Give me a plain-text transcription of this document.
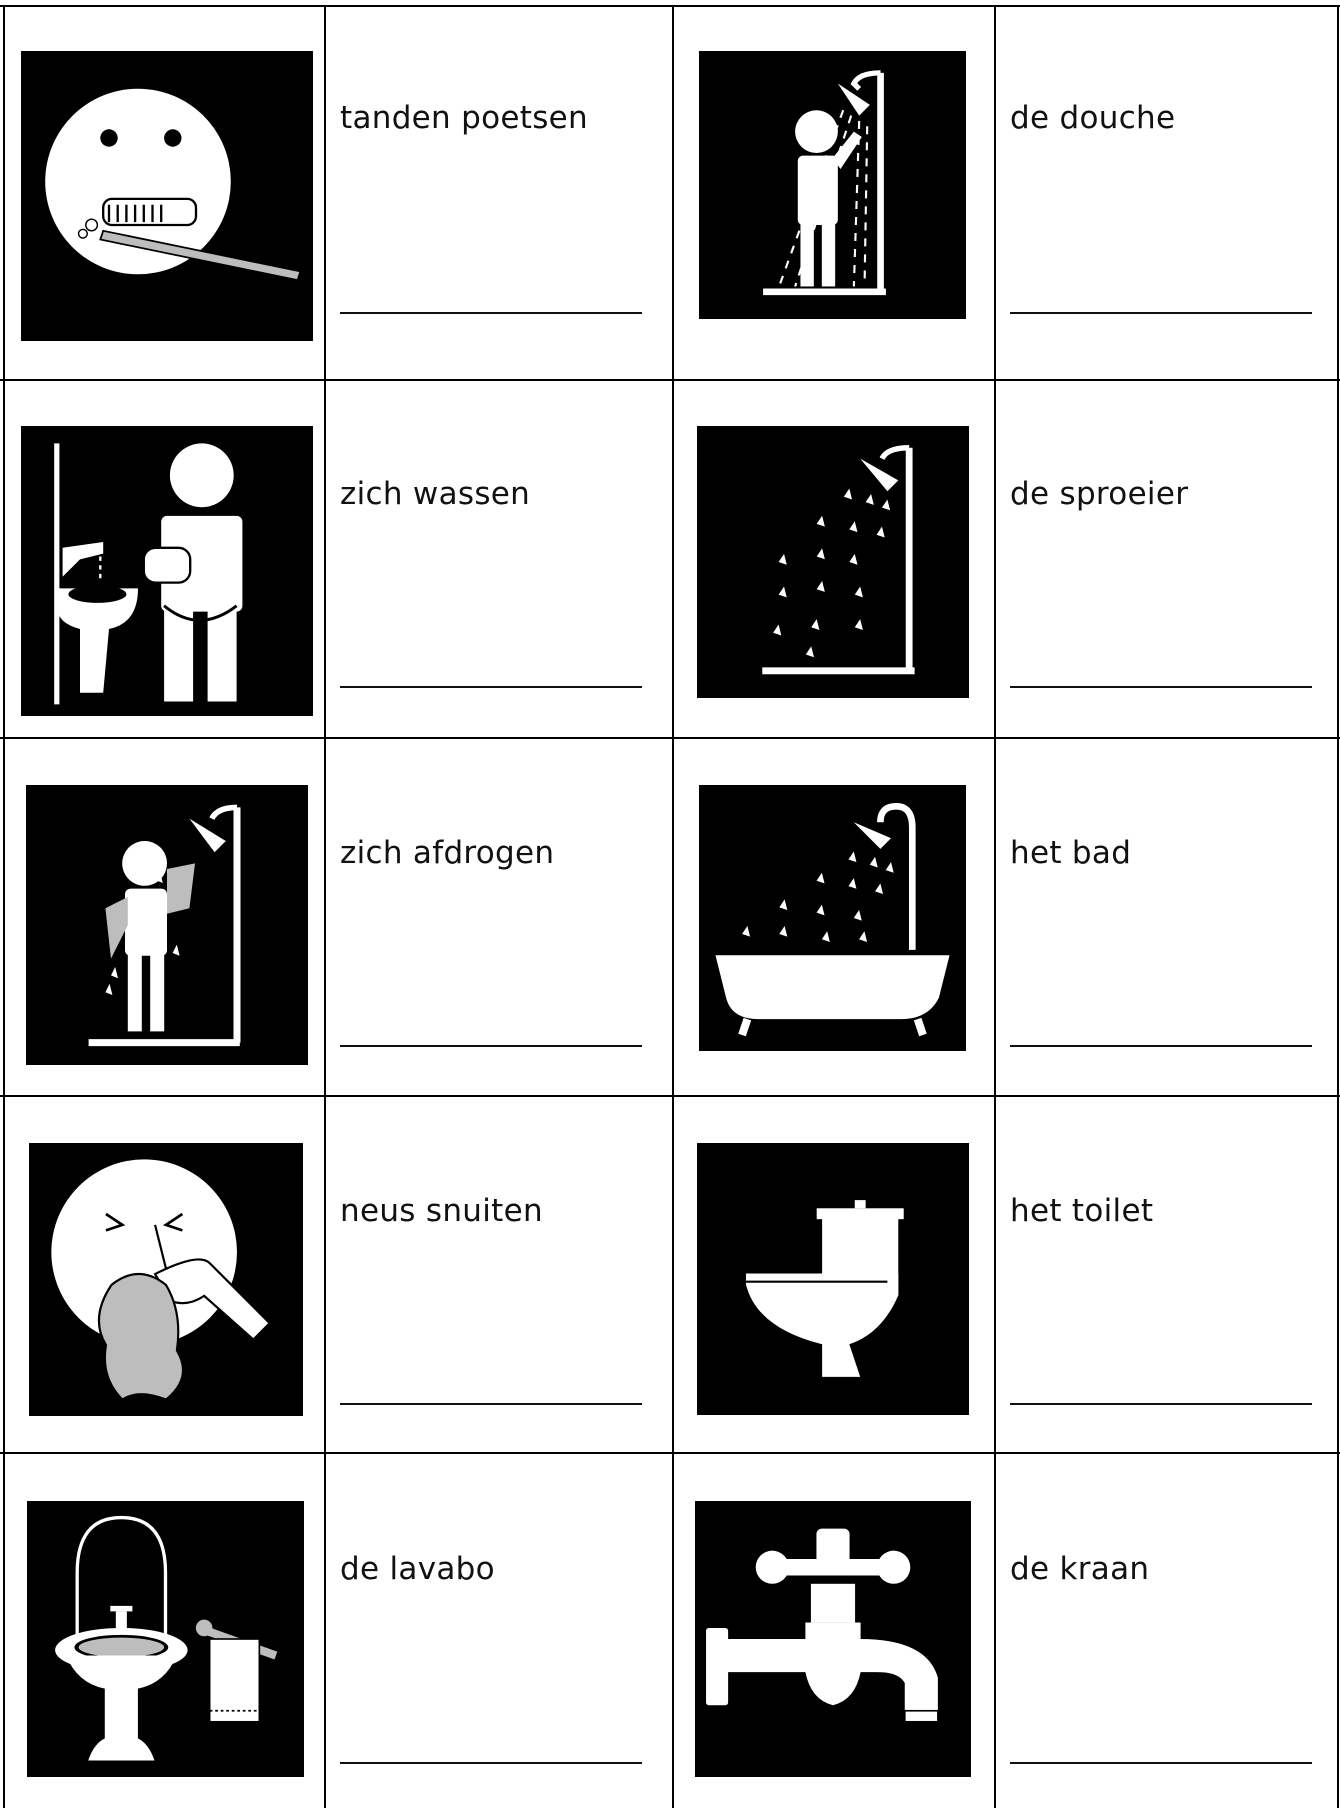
tanden poetsen	de douche
zich wassen	de sproeier
zich afdrogen	het bad
neus snuiten	het toilet
de lavabo	de kraan
